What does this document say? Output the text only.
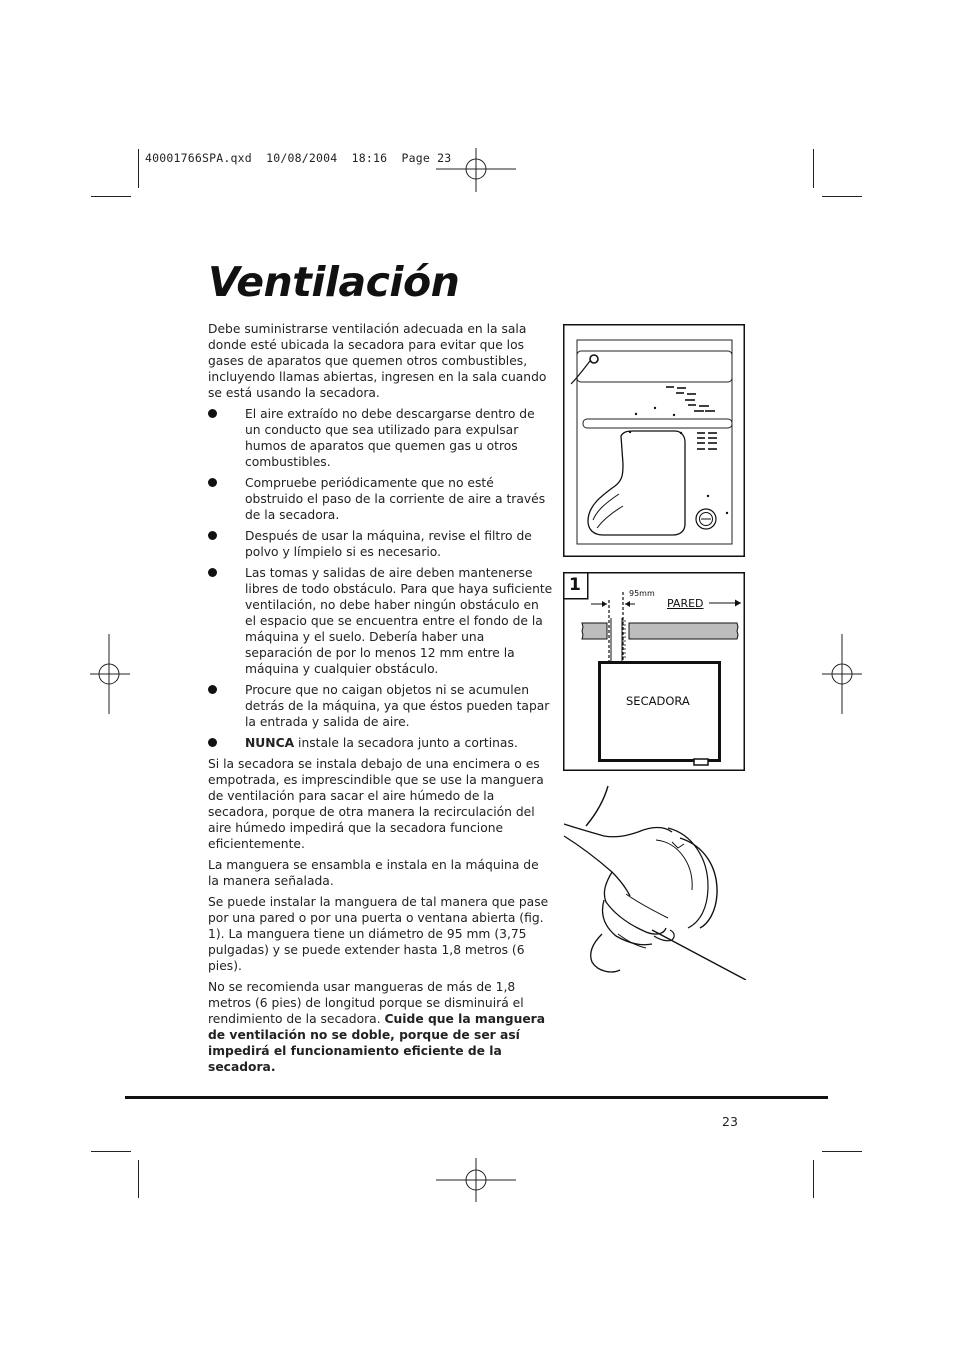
40001766SPA.qxd  10/08/2004  18:16  Page 23
Ventilación

Debe suministrarse ventilación adecuada en la sala donde esté ubicada la secadora para evitar que los gases de aparatos que quemen otros combustibles, incluyendo llamas abiertas, ingresen en la sala cuando se está usando la secadora.

El aire extraído no debe descargarse dentro de un conducto que sea utilizado para expulsar humos de aparatos que quemen gas u otros combustibles.
Compruebe periódicamente que no esté obstruido el paso de la corriente de aire a través de la secadora.
Después de usar la máquina, revise el filtro de polvo y límpielo si es necesario.
Las tomas y salidas de aire deben mantenerse libres de todo obstáculo. Para que haya suficiente ventilación, no debe haber ningún obstáculo en el espacio que se encuentra entre el fondo de la máquina y el suelo. Debería haber una separación de por lo menos 12 mm entre la máquina y cualquier obstáculo.
Procure que no caigan objetos ni se acumulen detrás de la máquina, ya que éstos pueden tapar la entrada y salida de aire.
NUNCA instale la secadora junto a cortinas.

Si la secadora se instala debajo de una encimera o es empotrada, es imprescindible que se use la manguera de ventilación para sacar el aire húmedo de la secadora, porque de otra manera la recirculación del aire húmedo impedirá que la secadora funcione eficientemente.

La manguera se ensambla e instala en la máquina de la manera señalada.

Se puede instalar la manguera de tal manera que pase por una pared o por una puerta o ventana abierta (fig. 1). La manguera tiene un diámetro de 95 mm (3,75 pulgadas) y se puede extender hasta 1,8 metros (6 pies).

No se recomienda usar mangueras de más de 1,8 metros (6 pies) de longitud porque se disminuirá el rendimiento de la secadora. Cuide que la manguera de ventilación no se doble, porque de ser así impedirá el funcionamiento eficiente de la secadora.

1	95mm
PARED
SECADORA
23
